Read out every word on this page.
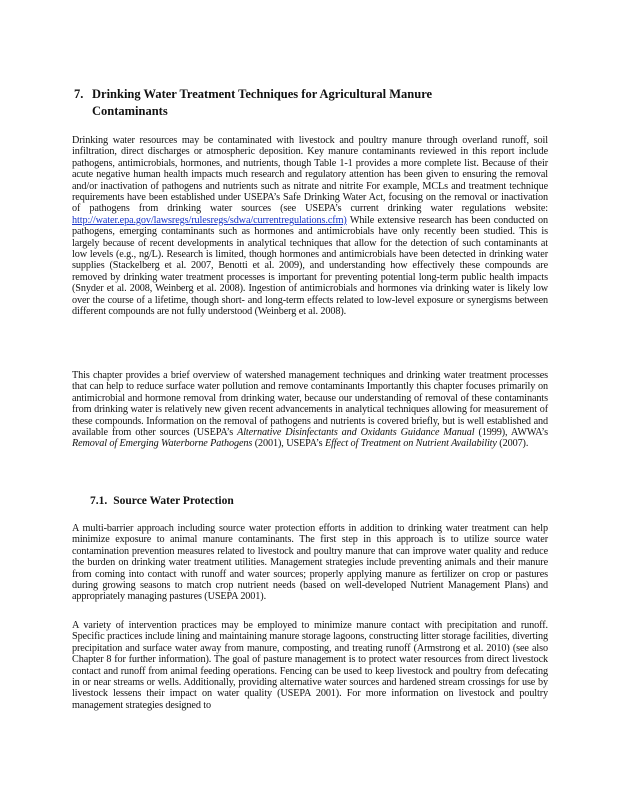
7. Drinking Water Treatment Techniques for Agricultural Manure
Contaminants
Drinking water resources may be contaminated with livestock and poultry manure through overland runoff, soil infiltration, direct discharges or atmospheric deposition. Key manure contaminants reviewed in this report include pathogens, antimicrobials, hormones, and nutrients, though Table 1-1 provides a more complete list. Because of their acute negative human health impacts much research and regulatory attention has been given to ensuring the removal and/or inactivation of pathogens and nutrients such as nitrate and nitrite For example, MCLs and treatment technique requirements have been established under USEPA’s Safe Drinking Water Act, focusing on the removal or inactivation of pathogens from drinking water sources (see USEPA’s current drinking water regulations website: http://water.epa.gov/lawsregs/rulesregs/sdwa/currentregulations.cfm) While extensive research has been conducted on pathogens, emerging contaminants such as hormones and antimicrobials have only recently been studied. This is largely because of recent developments in analytical techniques that allow for the detection of such contaminants at low levels (e.g., ng/L). Research is limited, though hormones and antimicrobials have been detected in drinking water supplies (Stackelberg et al. 2007, Benotti et al. 2009), and understanding how effectively these compounds are removed by drinking water treatment processes is important for preventing potential long-term public health impacts (Snyder et al. 2008, Weinberg et al. 2008). Ingestion of antimicrobials and hormones via drinking water is likely low over the course of a lifetime, though short- and long-term effects related to low-level exposure or synergisms between different compounds are not fully understood (Weinberg et al. 2008).
This chapter provides a brief overview of watershed management techniques and drinking water treatment processes that can help to reduce surface water pollution and remove contaminants Importantly this chapter focuses primarily on antimicrobial and hormone removal from drinking water, because our understanding of removal of these contaminants from drinking water is relatively new given recent advancements in analytical techniques allowing for measurement of these compounds. Information on the removal of pathogens and nutrients is covered briefly, but is well established and available from other sources (USEPA’s Alternative Disinfectants and Oxidants Guidance Manual (1999), AWWA’s Removal of Emerging Waterborne Pathogens (2001), USEPA’s Effect of Treatment on Nutrient Availability (2007).
7.1. Source Water Protection
A multi-barrier approach including source water protection efforts in addition to drinking water treatment can help minimize exposure to animal manure contaminants. The first step in this approach is to utilize source water contamination prevention measures related to livestock and poultry manure that can improve water quality and reduce the burden on drinking water treatment utilities. Management strategies include preventing animals and their manure from coming into contact with runoff and water sources; properly applying manure as fertilizer on crop or pastures during growing seasons to match crop nutrient needs (based on well-developed Nutrient Management Plans) and appropriately managing pastures (USEPA 2001).
A variety of intervention practices may be employed to minimize manure contact with precipitation and runoff. Specific practices include lining and maintaining manure storage lagoons, constructing litter storage facilities, diverting precipitation and surface water away from manure, composting, and treating runoff (Armstrong et al. 2010) (see also Chapter 8 for further information). The goal of pasture management is to protect water resources from direct livestock contact and runoff from animal feeding operations. Fencing can be used to keep livestock and poultry from defecating in or near streams or wells. Additionally, providing alternative water sources and hardened stream crossings for use by livestock lessens their impact on water quality (USEPA 2001). For more information on livestock and poultry management strategies designed to
